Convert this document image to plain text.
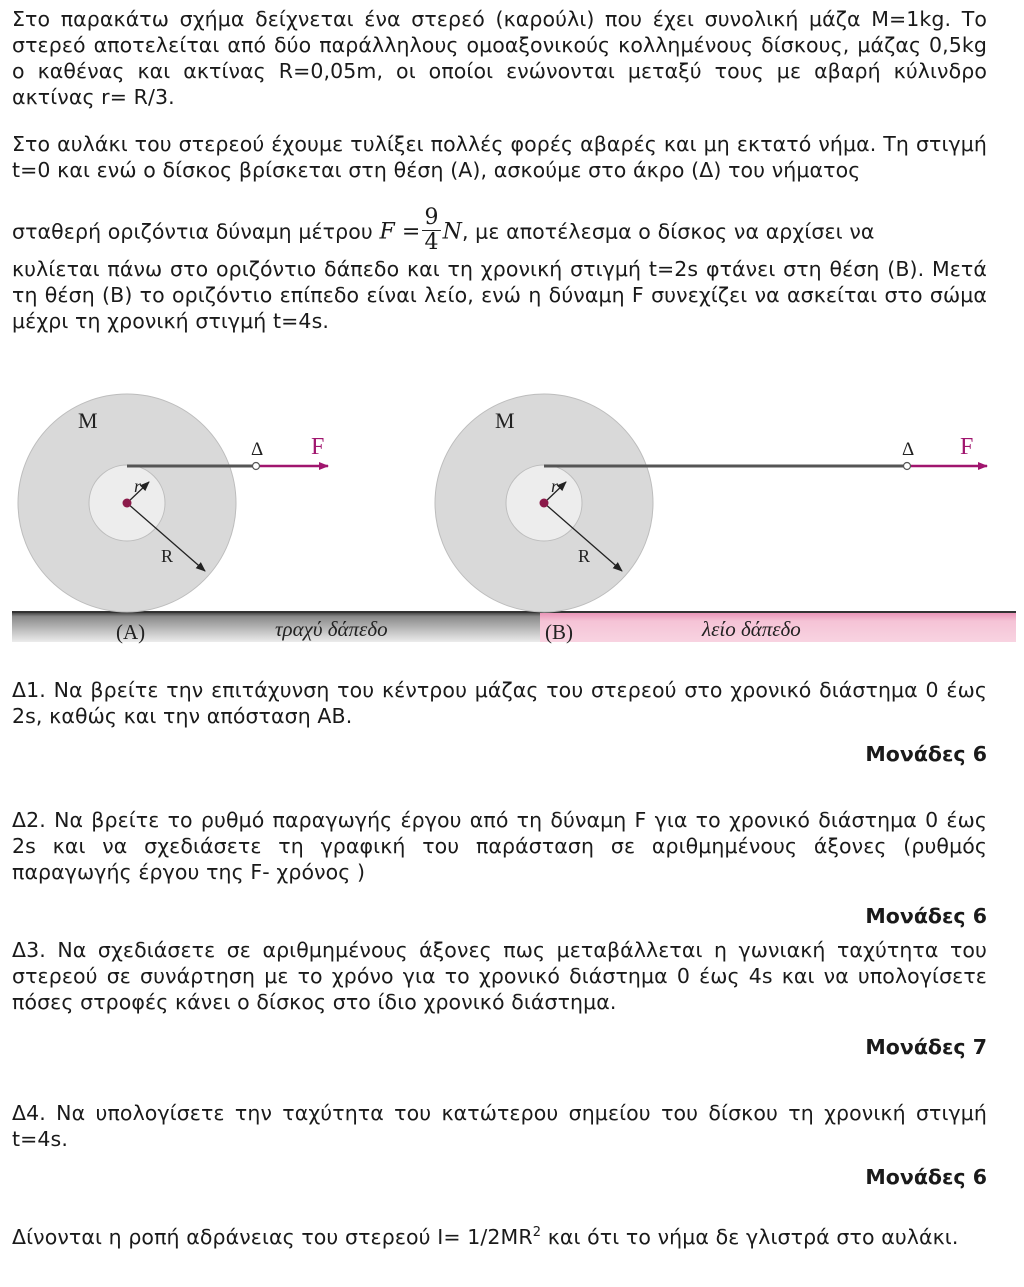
Στο παρακάτω σχήμα δείχνεται ένα στερεό (καρούλι) που έχει συνολική μάζα M=1kg. Το στερεό αποτελείται από δύο παράλληλους ομοαξονικούς κολλημένους δίσκους, μάζας 0,5kg ο καθένας και ακτίνας R=0,05m, οι οποίοι ενώνονται μεταξύ τους με αβαρή κύλινδρο ακτίνας r= R/3.

Στο αυλάκι του στερεού έχουμε τυλίξει πολλές φορές αβαρές και μη εκτατό νήμα. Τη στιγμή t=0 και ενώ ο δίσκος βρίσκεται στη θέση (Α), ασκούμε στο άκρο (Δ) του νήματος

σταθερή οριζόντια δύναμη μέτρου $F = \frac{9}{4} N$, με αποτέλεσμα ο δίσκος να αρχίσει να

κυλίεται πάνω στο οριζόντιο δάπεδο και τη χρονική στιγμή t=2s φτάνει στη θέση (Β). Μετά τη θέση (Β) το οριζόντιο επίπεδο είναι λείο, ενώ η δύναμη F συνεχίζει να ασκείται στο σώμα μέχρι τη χρονική στιγμή t=4s.

M	M
r	r
R	R
Δ	Δ
F	F
(A)	(B)
τραχύ δάπεδο	λείο δάπεδο

Δ1. Να βρείτε την επιτάχυνση του κέντρου μάζας του στερεού στο χρονικό διάστημα 0 έως 2s, καθώς και την απόσταση ΑΒ.

Μονάδες 6

Δ2. Να βρείτε το ρυθμό παραγωγής έργου από τη δύναμη F για το χρονικό διάστημα 0 έως 2s και να σχεδιάσετε τη γραφική του παράσταση σε αριθμημένους άξονες (ρυθμός παραγωγής έργου της F- χρόνος )

Μονάδες 6

Δ3. Να σχεδιάσετε σε αριθμημένους άξονες πως μεταβάλλεται η γωνιακή ταχύτητα του στερεού σε συνάρτηση με το χρόνο για το χρονικό διάστημα 0 έως 4s και να υπολογίσετε πόσες στροφές κάνει ο δίσκος στο ίδιο χρονικό διάστημα.

Μονάδες 7

Δ4. Να υπολογίσετε την ταχύτητα του κατώτερου σημείου του δίσκου τη χρονική στιγμή t=4s.

Μονάδες 6

Δίνονται η ροπή αδράνειας του στερεού $I= 1/2MR^2$ και ότι το νήμα δε γλιστρά στο αυλάκι.
